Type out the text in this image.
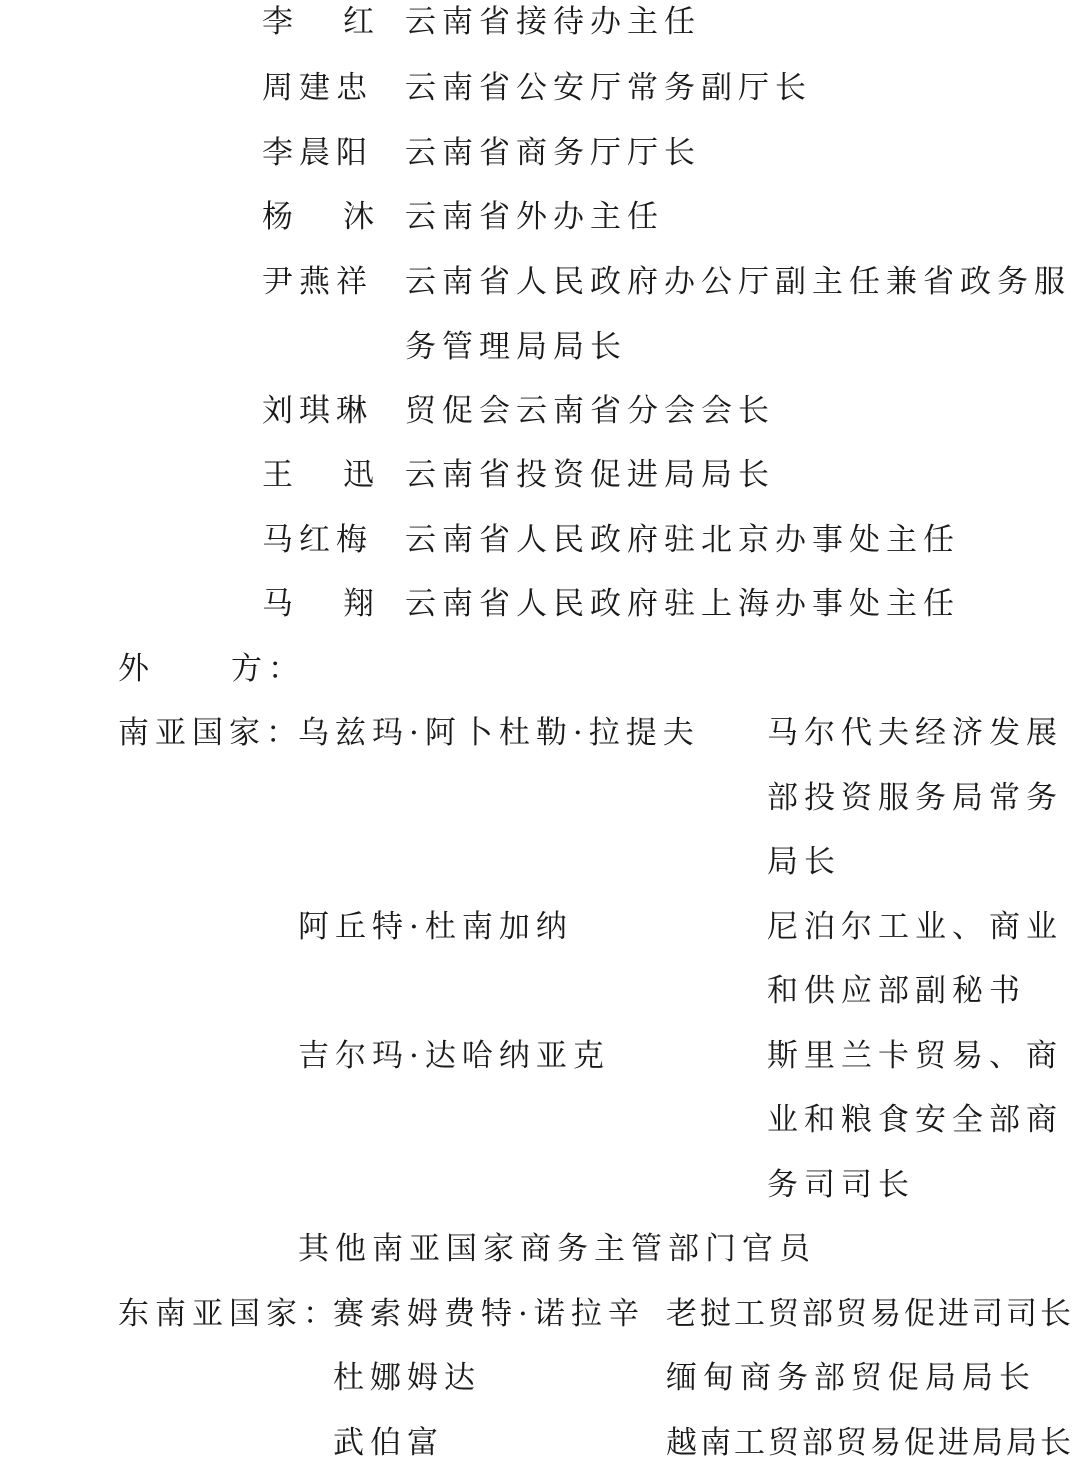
李 红 云南省接待办主任
周建忠 云南省公安厅常务副厅长
李晨阳 云南省商务厅厅长
杨 沐 云南省外办主任
尹燕祥 云南省人民政府办公厅副主任兼省政务服
务管理局局长
刘琪琳 贸促会云南省分会会长
王 迅 云南省投资促进局局长
马红梅 云南省人民政府驻北京办事处主任
马 翔 云南省人民政府驻上海办事处主任
外 方：
南亚国家：
乌兹玛·阿卜杜勒·拉提夫 马尔代夫经济发展
部投资服务局常务
局长
阿丘特·杜南加纳	尼泊尔工业、商业
和供应部副秘书
吉尔玛·达哈纳亚克	斯里兰卡贸易、商
业和粮食安全部商
务司司长
其他南亚国家商务主管部门官员
东南亚国家：
赛索姆费特·诺拉辛 老挝工贸部贸易促进司司长
杜娜姆达	缅甸商务部贸促局局长
武伯富	越南工贸部贸易促进局局长
